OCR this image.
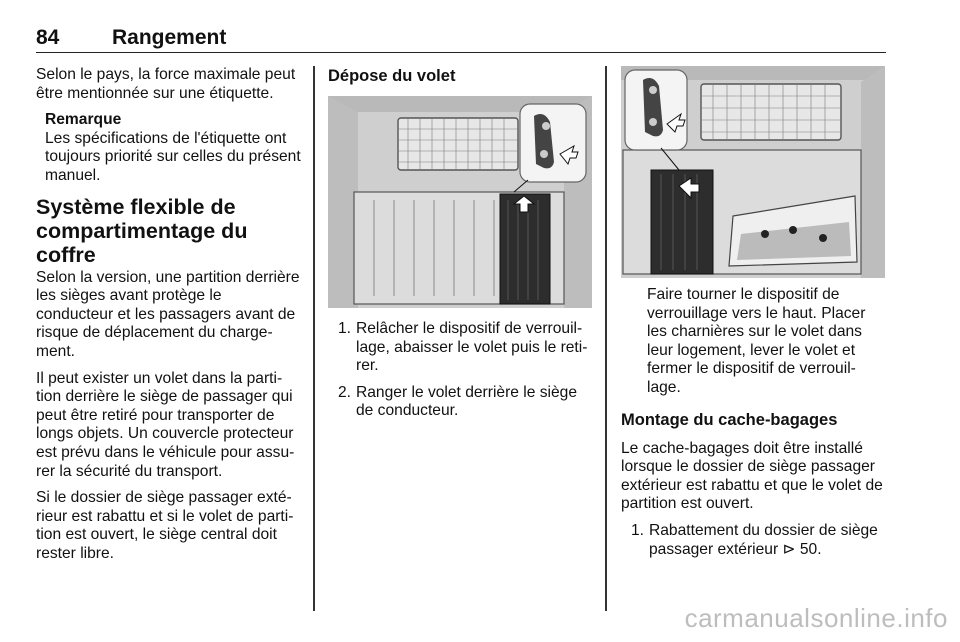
84	Rangement

Selon le pays, la force maximale peut être mentionnée sur une étiquette.

Remarque
Les spécifications de l'étiquette ont toujours priorité sur celles du présent manuel.
Système flexible de compartimentage du coffre

Selon la version, une partition derrière les sièges avant protège le conducteur et les passagers avant de risque de déplacement du charge-ment.

Il peut exister un volet dans la parti-tion derrière le siège de passager qui peut être retiré pour transporter de longs objets. Un couvercle protecteur est prévu dans le véhicule pour assu-rer la sécurité du transport.

Si le dossier de siège passager exté-rieur est rabattu et si le volet de parti-tion est ouvert, le siège central doit rester libre.

Dépose du volet
1. Relâcher le dispositif de verrouil-lage, abaisser le volet puis le reti-rer.
2. Ranger le volet derrière le siège de conducteur.
Faire tourner le dispositif de verrouillage vers le haut. Placer les charnières sur le volet dans leur logement, lever le volet et fermer le dispositif de verrouil-lage.
Montage du cache-bagages

Le cache-bagages doit être installé lorsque le dossier de siège passager extérieur est rabattu et que le volet de partition est ouvert.

1. Rabattement du dossier de siège passager extérieur ⊳ 50.
carmanualsonline.info
